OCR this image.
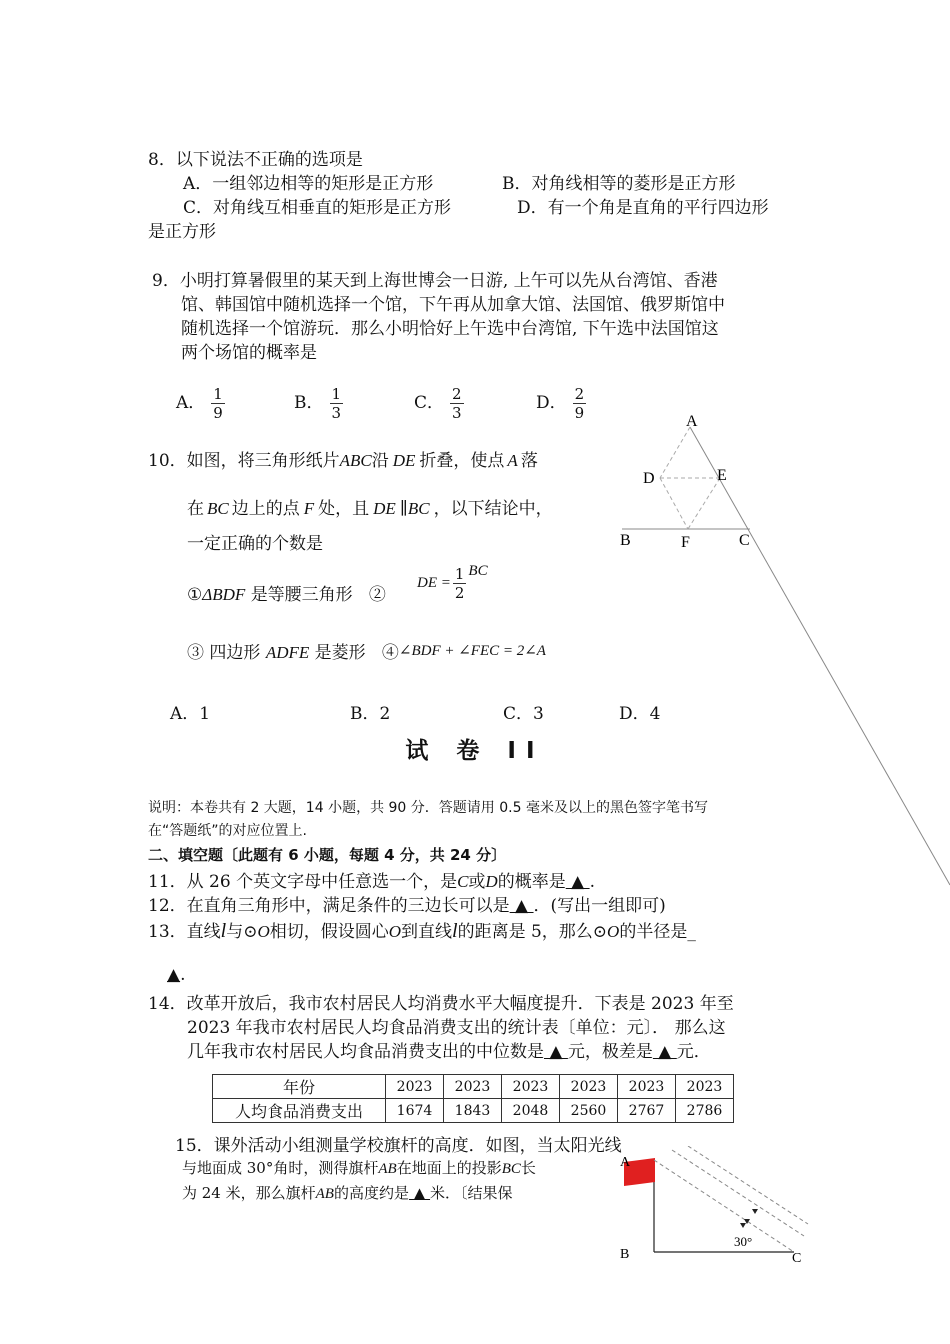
8．以下说法不正确的选项是
A．一组邻边相等的矩形是正方形	B．对角线相等的菱形是正方形
C．对角线互相垂直的矩形是正方形	D．有一个角是直角的平行四边形
是正方形
9．小明打算暑假里的某天到上海世博会一日游, 上午可以先从台湾馆、香港
馆、韩国馆中随机选择一个馆，下午再从加拿大馆、法国馆、俄罗斯馆中
随机选择一个馆游玩．那么小明恰好上午选中台湾馆, 下午选中法国馆这
两个场馆的概率是
A． $\frac{1}{9}$	B． $\frac{1}{3}$	C． $\frac{2}{3}$	D． $\frac{2}{9}$
10．如图，将三角形纸片ABC沿 DE 折叠，使点 A 落
在 BC 边上的点 F 处，且 DE ∥BC ，以下结论中，
一定正确的个数是
①ΔBDF 是等腰三角形 ②
DE = $\frac{1}{2}$ BC
③ 四边形 ADFE 是菱形 ④∠BDF + ∠FEC = 2∠A
A．1	B．2	C．3	D．4
A
D	E
B	F	C
试 卷 II
说明：本卷共有 2 大题，14 小题，共 90 分．答题请用 0.5 毫米及以上的黑色签字笔书写
在“答题纸”的对应位置上.
二、填空题〔此题有 6 小题，每题 4 分，共 24 分〕
11．从 26 个英文字母中任意选一个，是C或D的概率是 ▲ .
12．在直角三角形中，满足条件的三边长可以是 ▲ ．(写出一组即可)
13．直线l与⊙O相切，假设圆心O到直线l的距离是 5，那么⊙O的半径是_
▲.
14．改革开放后，我市农村居民人均消费水平大幅度提升．下表是 2023 年至
2023 年我市农村居民人均食品消费支出的统计表〔单位：元〕． 那么这
几年我市农村居民人均食品消费支出的中位数是 ▲ 元，极差是 ▲ 元．
年份	2023	2023	2023	2023	2023	2023
人均食品消费支出	1674	1843	2048	2560	2767	2786
15．课外活动小组测量学校旗杆的高度．如图，当太阳光线
与地面成 30°角时，测得旗杆AB在地面上的投影BC长
为 24 米，那么旗杆AB的高度约是 ▲ 米．〔结果保
A
B	C
30°
